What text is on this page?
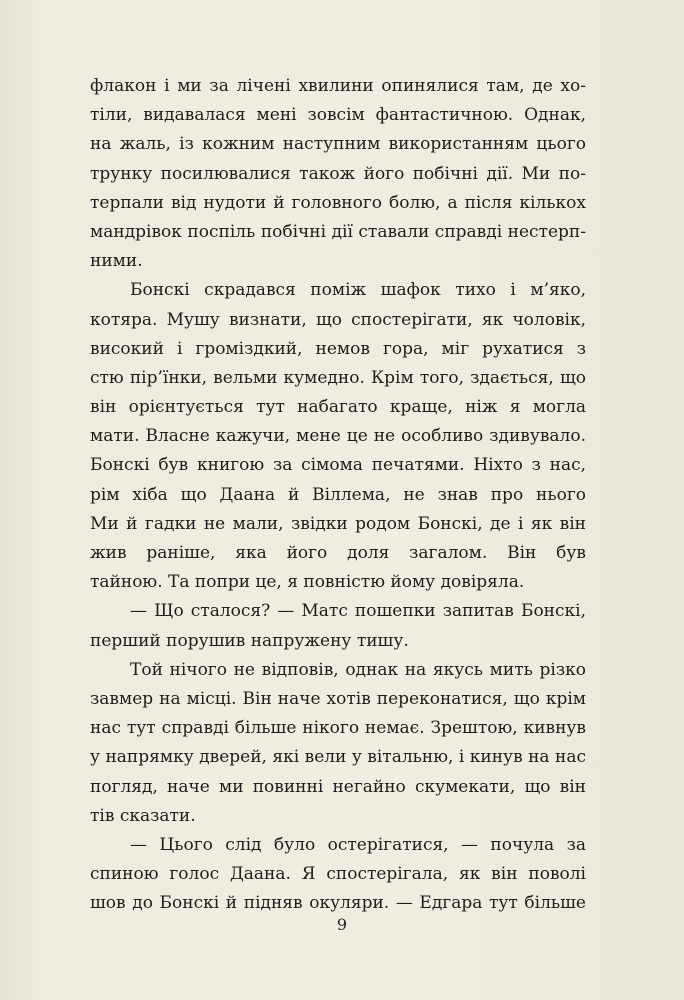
флакон і ми за лічені хвилини опинялися там, де хо-
тіли, видавалася мені зовсім фантастичною. Однак,
на жаль, із кожним наступним використанням цього
трунку посилювалися також його побічні дії. Ми по-
терпали від нудоти й головного болю, а після кількох
мандрівок поспіль побічні дії ставали справді нестерп-
ними.
Бонскі скрадався поміж шафок тихо і м’яко,
котяра. Мушу визнати, що спостерігати, як чоловік,
високий і громіздкий, немов гора, міг рухатися з
стю пір’їнки, вельми кумедно. Крім того, здається, що
він орієнтується тут набагато краще, ніж я могла
мати. Власне кажучи, мене це не особливо здивувало.
Бонскі був книгою за сімома печатями. Ніхто з нас,
рім хіба що Даана й Віллема, не знав про нього
Ми й гадки не мали, звідки родом Бонскі, де і як він
жив раніше, яка його доля загалом. Він був
тайною. Та попри це, я повністю йому довіряла.
— Що сталося? — Матс пошепки запитав Бонскі,
перший порушив напружену тишу.
Той нічого не відповів, однак на якусь мить різко
завмер на місці. Він наче хотів переконатися, що крім
нас тут справді більше нікого немає. Зрештою, кивнув
у напрямку дверей, які вели у вітальню, і кинув на нас
погляд, наче ми повинні негайно скумекати, що він
тів сказати.
— Цього слід було остерігатися, — почула за
спиною голос Даана. Я спостерігала, як він поволі
шов до Бонскі й підняв окуляри. — Едгара тут більше
9
